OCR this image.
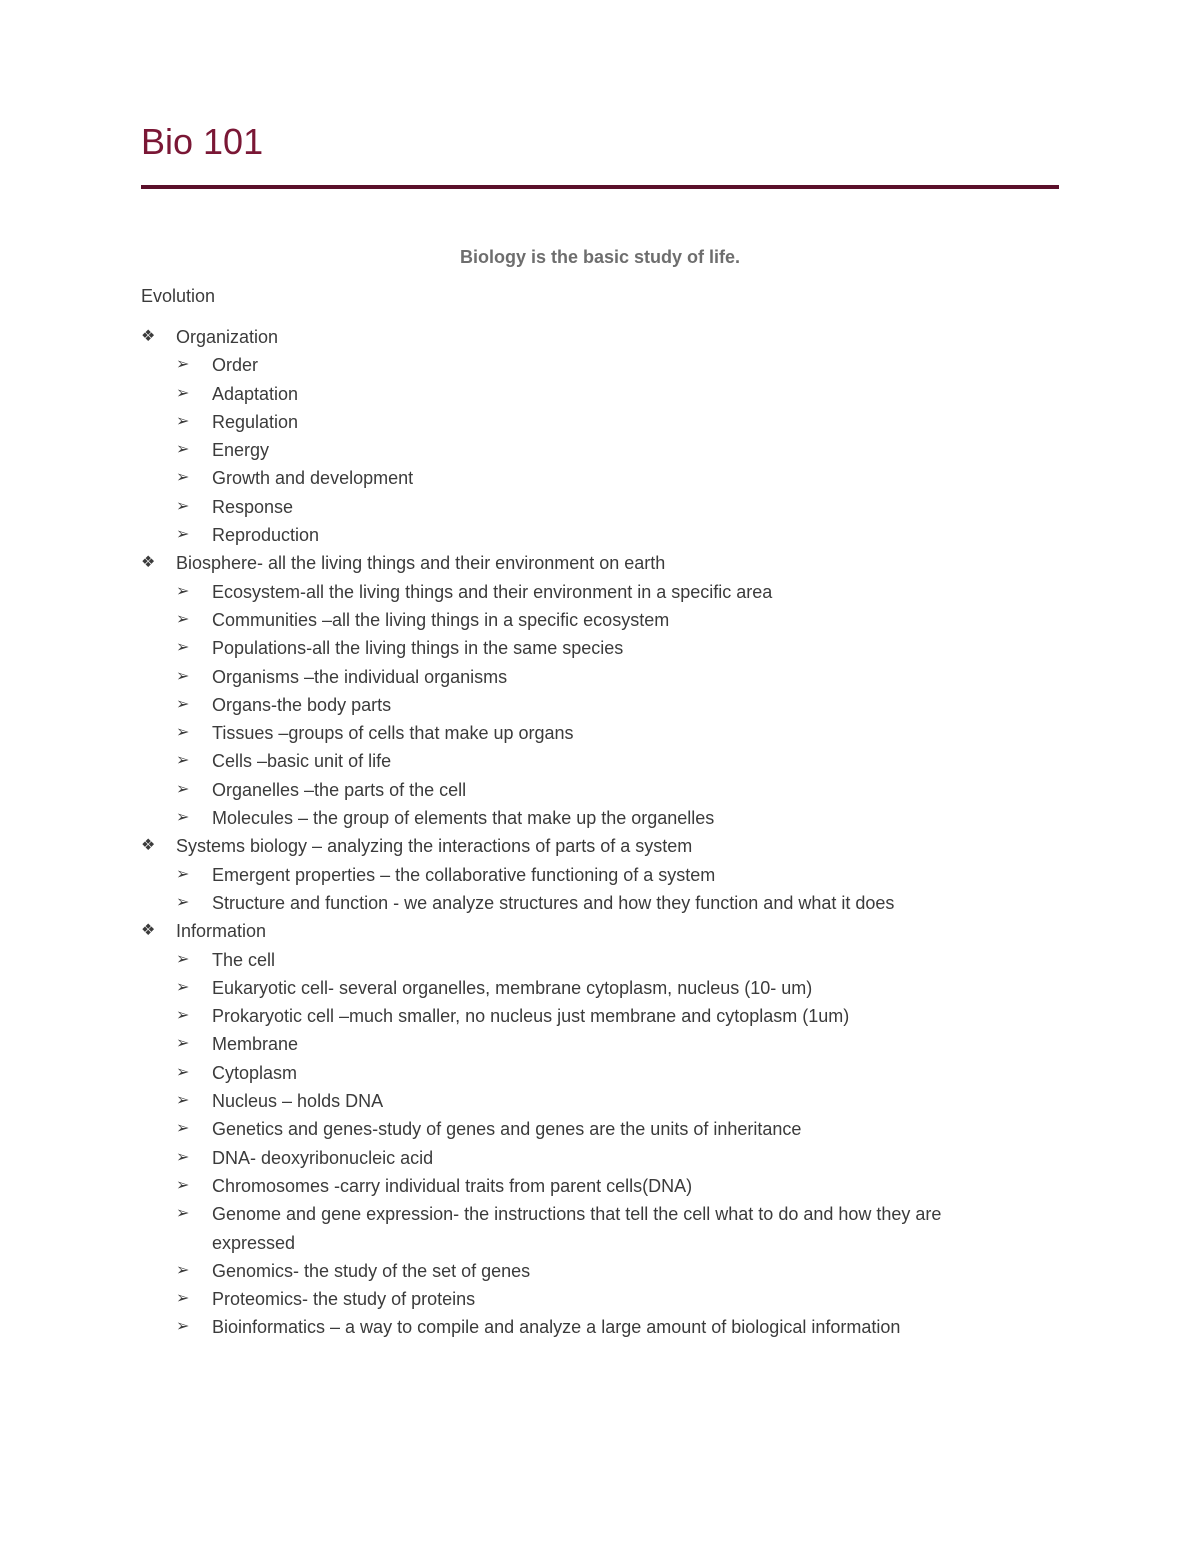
Bio 101
Biology is the basic study of life.
Evolution
❖	Organization
➢	Order
➢	Adaptation
➢	Regulation
➢	Energy
➢	Growth and development
➢	Response
➢	Reproduction
❖	Biosphere- all the living things and their environment on earth
➢	Ecosystem-all the living things and their environment in a specific area
➢	Communities –all the living things in a specific ecosystem
➢	Populations-all the living things in the same species
➢	Organisms –the individual organisms
➢	Organs-the body parts
➢	Tissues –groups of cells that make up organs
➢	Cells –basic unit of life
➢	Organelles –the parts of the cell
➢	Molecules – the group of elements that make up the organelles
❖	Systems biology – analyzing the interactions of parts of a system
➢	Emergent properties – the collaborative functioning of a system
➢	Structure and function - we analyze structures and how they function and what it does
❖	Information
➢	The cell
➢	Eukaryotic cell- several organelles, membrane cytoplasm, nucleus (10- um)
➢	Prokaryotic cell –much smaller, no nucleus just membrane and cytoplasm (1um)
➢	Membrane
➢	Cytoplasm
➢	Nucleus – holds DNA
➢	Genetics and genes-study of genes and genes are the units of inheritance
➢	DNA- deoxyribonucleic acid
➢	Chromosomes -carry individual traits from parent cells(DNA)
➢	Genome and gene expression- the instructions that tell the cell what to do and how they are expressed
➢	Genomics- the study of the set of genes
➢	Proteomics- the study of proteins
➢	Bioinformatics – a way to compile and analyze a large amount of biological information
